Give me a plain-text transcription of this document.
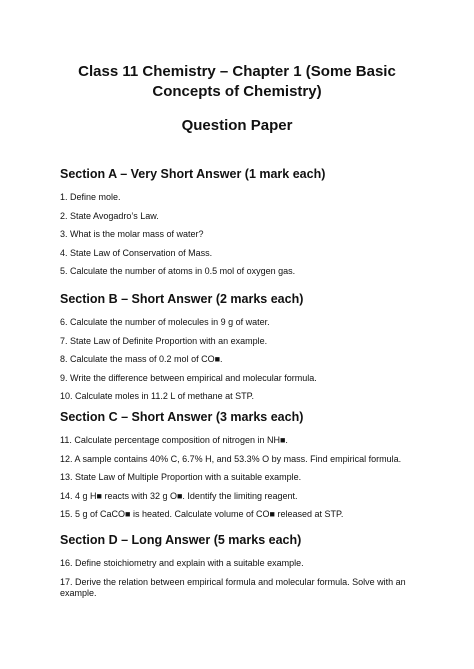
Class 11 Chemistry – Chapter 1 (Some Basic
Concepts of Chemistry)
Question Paper
Section A – Very Short Answer (1 mark each)
1. Define mole.
2. State Avogadro’s Law.
3. What is the molar mass of water?
4. State Law of Conservation of Mass.
5. Calculate the number of atoms in 0.5 mol of oxygen gas.
Section B – Short Answer (2 marks each)
6. Calculate the number of molecules in 9 g of water.
7. State Law of Definite Proportion with an example.
8. Calculate the mass of 0.2 mol of CO■.
9. Write the difference between empirical and molecular formula.
10. Calculate moles in 11.2 L of methane at STP.
Section C – Short Answer (3 marks each)
11. Calculate percentage composition of nitrogen in NH■.
12. A sample contains 40% C, 6.7% H, and 53.3% O by mass. Find empirical formula.
13. State Law of Multiple Proportion with a suitable example.
14. 4 g H■ reacts with 32 g O■. Identify the limiting reagent.
15. 5 g of CaCO■ is heated. Calculate volume of CO■ released at STP.
Section D – Long Answer (5 marks each)
16. Define stoichiometry and explain with a suitable example.
17. Derive the relation between empirical formula and molecular formula. Solve with an example.
